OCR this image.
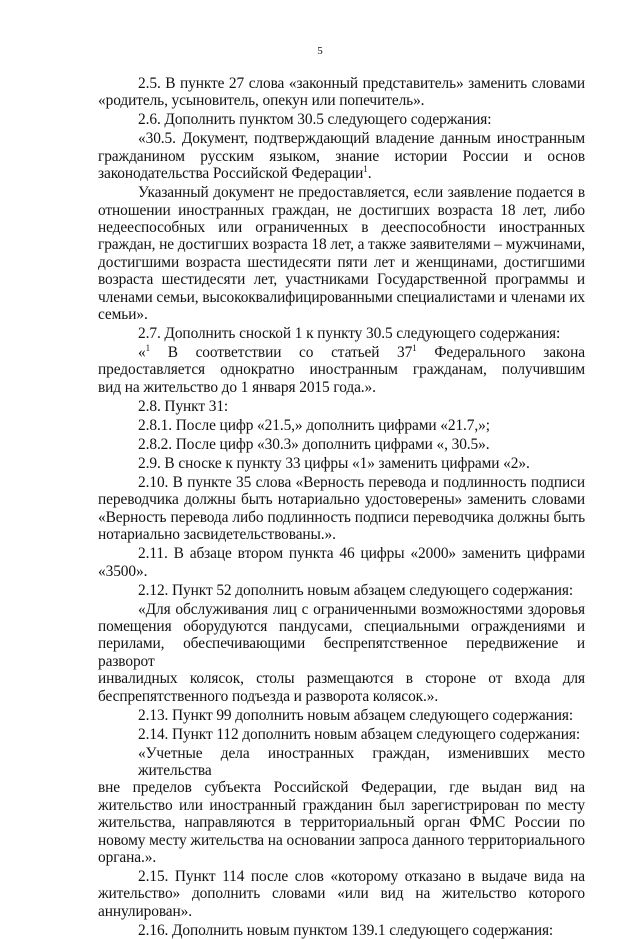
5
2.5. В пункте 27 слова «законный представитель» заменить словами
«родитель, усыновитель, опекун или попечитель».
2.6. Дополнить пунктом 30.5 следующего содержания:
«30.5. Документ, подтверждающий владение данным иностранным
гражданином русским языком, знание истории России и основ
законодательства Российской Федерации$^1$.
Указанный документ не предоставляется, если заявление подается в
отношении иностранных граждан, не достигших возраста 18 лет, либо
недееспособных или ограниченных в дееспособности иностранных
граждан, не достигших возраста 18 лет, а также заявителями – мужчинами,
достигшими возраста шестидесяти пяти лет и женщинами, достигшими
возраста шестидесяти лет, участниками Государственной программы и
членами семьи, высококвалифицированными специалистами и членами их
семьи».
2.7. Дополнить сноской 1 к пункту 30.5 следующего содержания:
«$^1$ В соответствии со статьей $37^1$ Федерального закона
предоставляется однократно иностранным гражданам, получившим
вид на жительство до 1 января 2015 года.».
2.8. Пункт 31:
2.8.1. После цифр «21.5,» дополнить цифрами «21.7,»;
2.8.2. После цифр «30.3» дополнить цифрами «, 30.5».
2.9. В сноске к пункту 33 цифры «1» заменить цифрами «2».
2.10. В пункте 35 слова «Верность перевода и подлинность подписи
переводчика должны быть нотариально удостоверены» заменить словами
«Верность перевода либо подлинность подписи переводчика должны быть
нотариально засвидетельствованы.».
2.11. В абзаце втором пункта 46 цифры «2000» заменить цифрами
«3500».
2.12. Пункт 52 дополнить новым абзацем следующего содержания:
«Для обслуживания лиц с ограниченными возможностями здоровья
помещения оборудуются пандусами, специальными ограждениями и
перилами, обеспечивающими беспрепятственное передвижение и разворот
инвалидных колясок, столы размещаются в стороне от входа для
беспрепятственного подъезда и разворота колясок.».
2.13. Пункт 99 дополнить новым абзацем следующего содержания:
2.14. Пункт 112 дополнить новым абзацем следующего содержания:
«Учетные дела иностранных граждан, изменивших место жительства
вне пределов субъекта Российской Федерации, где выдан вид на
жительство или иностранный гражданин был зарегистрирован по месту
жительства, направляются в территориальный орган ФМС России по
новому месту жительства на основании запроса данного территориального
органа.».
2.15. Пункт 114 после слов «которому отказано в выдаче вида на
жительство» дополнить словами «или вид на жительство которого
аннулирован».
2.16. Дополнить новым пунктом 139.1 следующего содержания:
